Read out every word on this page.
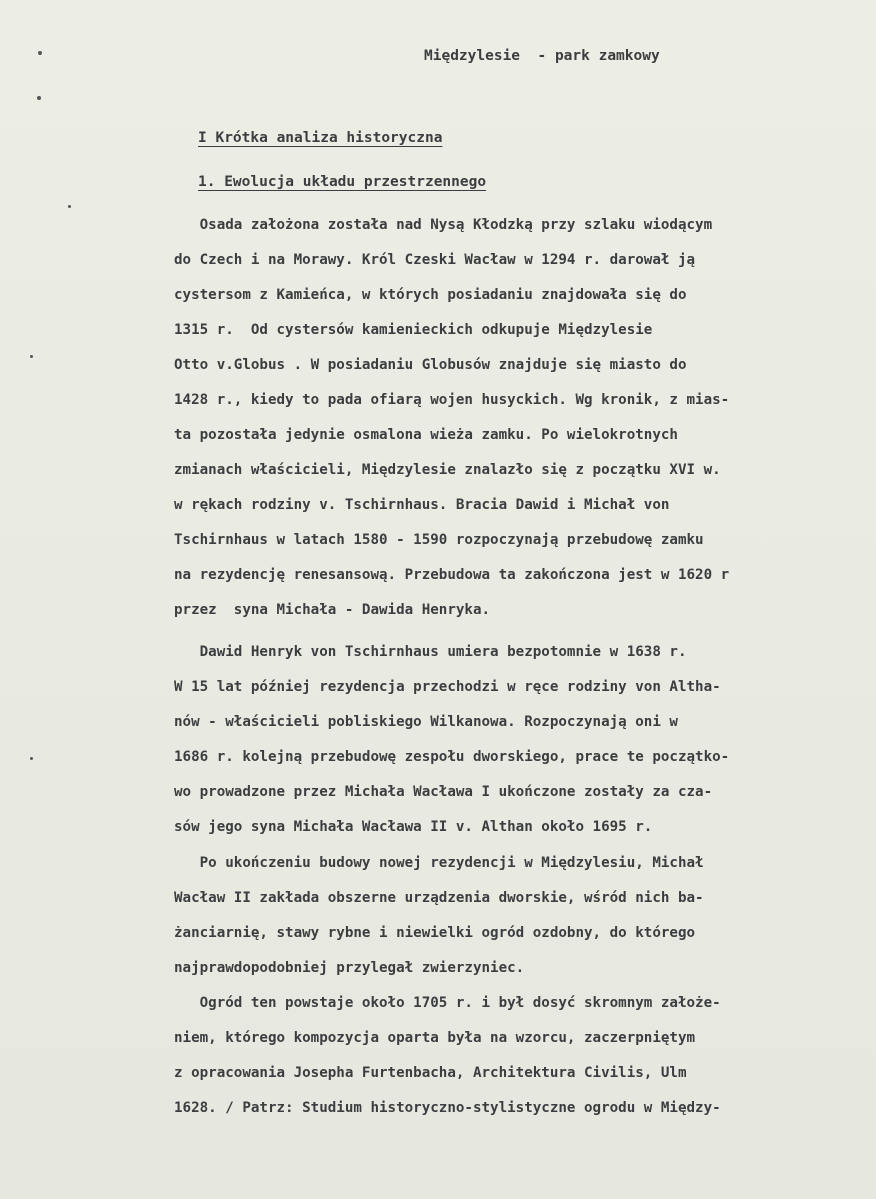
Międzylesie  - park zamkowy
I Krótka analiza historyczna
1. Ewolucja układu przestrzennego
Osada założona została nad Nysą Kłodzką przy szlaku wiodącym
do Czech i na Morawy. Król Czeski Wacław w 1294 r. darował ją
cystersom z Kamieńca, w których posiadaniu znajdowała się do
1315 r.  Od cystersów kamienieckich odkupuje Międzylesie
Otto v.Globus . W posiadaniu Globusów znajduje się miasto do
1428 r., kiedy to pada ofiarą wojen husyckich. Wg kronik, z mias-
ta pozostała jedynie osmalona wieża zamku. Po wielokrotnych
zmianach właścicieli, Międzylesie znalazło się z początku XVI w.
w rękach rodziny v. Tschirnhaus. Bracia Dawid i Michał von
Tschirnhaus w latach 1580 - 1590 rozpoczynają przebudowę zamku
na rezydencję renesansową. Przebudowa ta zakończona jest w 1620 r
przez  syna Michała - Dawida Henryka.
Dawid Henryk von Tschirnhaus umiera bezpotomnie w 1638 r.
W 15 lat później rezydencja przechodzi w ręce rodziny von Altha-
nów - właścicieli pobliskiego Wilkanowa. Rozpoczynają oni w
1686 r. kolejną przebudowę zespołu dworskiego, prace te początko-
wo prowadzone przez Michała Wacława I ukończone zostały za cza-
sów jego syna Michała Wacława II v. Althan około 1695 r.
Po ukończeniu budowy nowej rezydencji w Międzylesiu, Michał
Wacław II zakłada obszerne urządzenia dworskie, wśród nich ba-
żanciarnię, stawy rybne i niewielki ogród ozdobny, do którego
najprawdopodobniej przylegał zwierzyniec.
Ogród ten powstaje około 1705 r. i był dosyć skromnym założe-
niem, którego kompozycja oparta była na wzorcu, zaczerpniętym
z opracowania Josepha Furtenbacha, Architektura Civilis, Ulm
1628. / Patrz: Studium historyczno-stylistyczne ogrodu w Między-
